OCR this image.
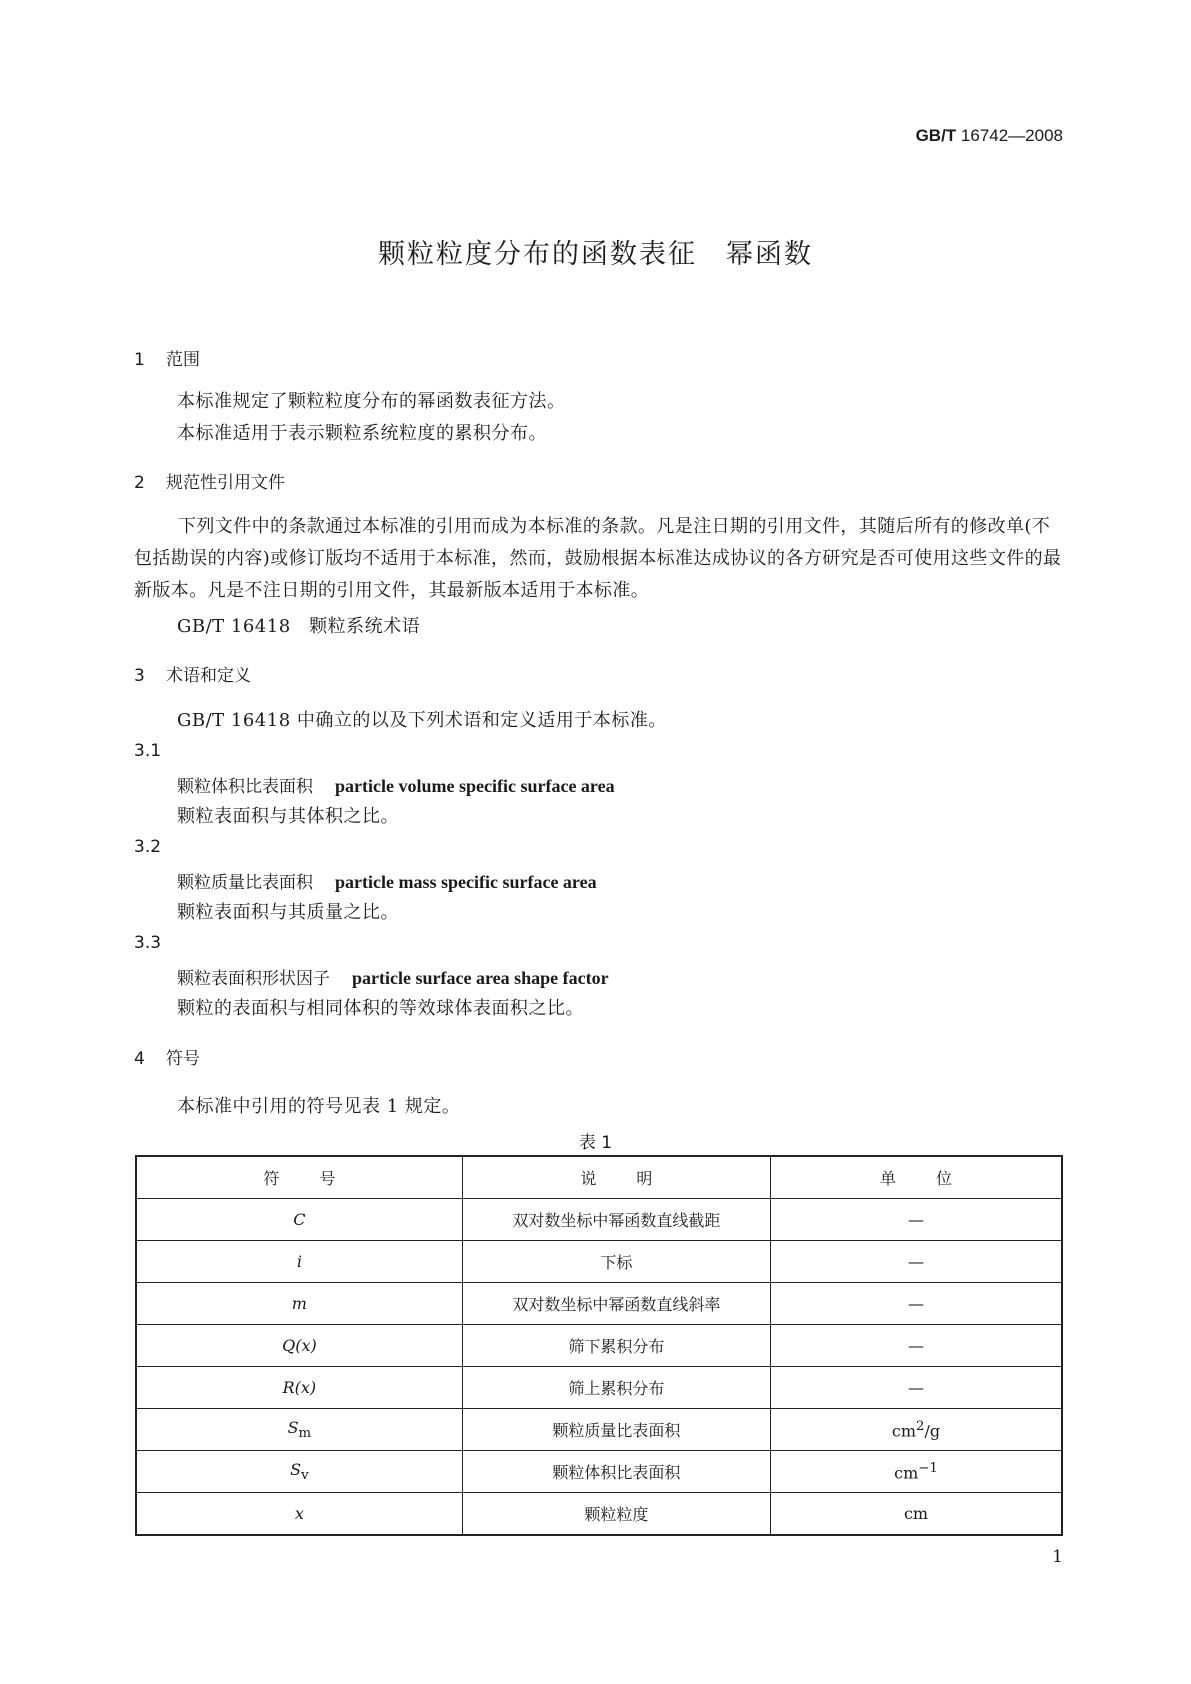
GB/T 16742—2008
颗粒粒度分布的函数表征　幂函数
1 范围
本标准规定了颗粒粒度分布的幂函数表征方法。
本标准适用于表示颗粒系统粒度的累积分布。
2 规范性引用文件
下列文件中的条款通过本标准的引用而成为本标准的条款。凡是注日期的引用文件，其随后所有的修改单(不包括勘误的内容)或修订版均不适用于本标准，然而，鼓励根据本标准达成协议的各方研究是否可使用这些文件的最新版本。凡是不注日期的引用文件，其最新版本适用于本标准。
GB/T 16418　颗粒系统术语
3 术语和定义
GB/T 16418 中确立的以及下列术语和定义适用于本标准。
3.1
颗粒体积比表面积 particle volume specific surface area
颗粒表面积与其体积之比。
3.2
颗粒质量比表面积 particle mass specific surface area
颗粒表面积与其质量之比。
3.3
颗粒表面积形状因子 particle surface area shape factor
颗粒的表面积与相同体积的等效球体表面积之比。
4 符号
本标准中引用的符号见表 1 规定。
表 1
符号	说明	单位
C	双对数坐标中幂函数直线截距	—
i	下标	—
m	双对数坐标中幂函数直线斜率	—
Q(x)	筛下累积分布	—
R(x)	筛上累积分布	—
$S_m$	颗粒质量比表面积	$cm^2/g$
$S_v$	颗粒体积比表面积	$cm^{-1}$
x	颗粒粒度	cm
1
